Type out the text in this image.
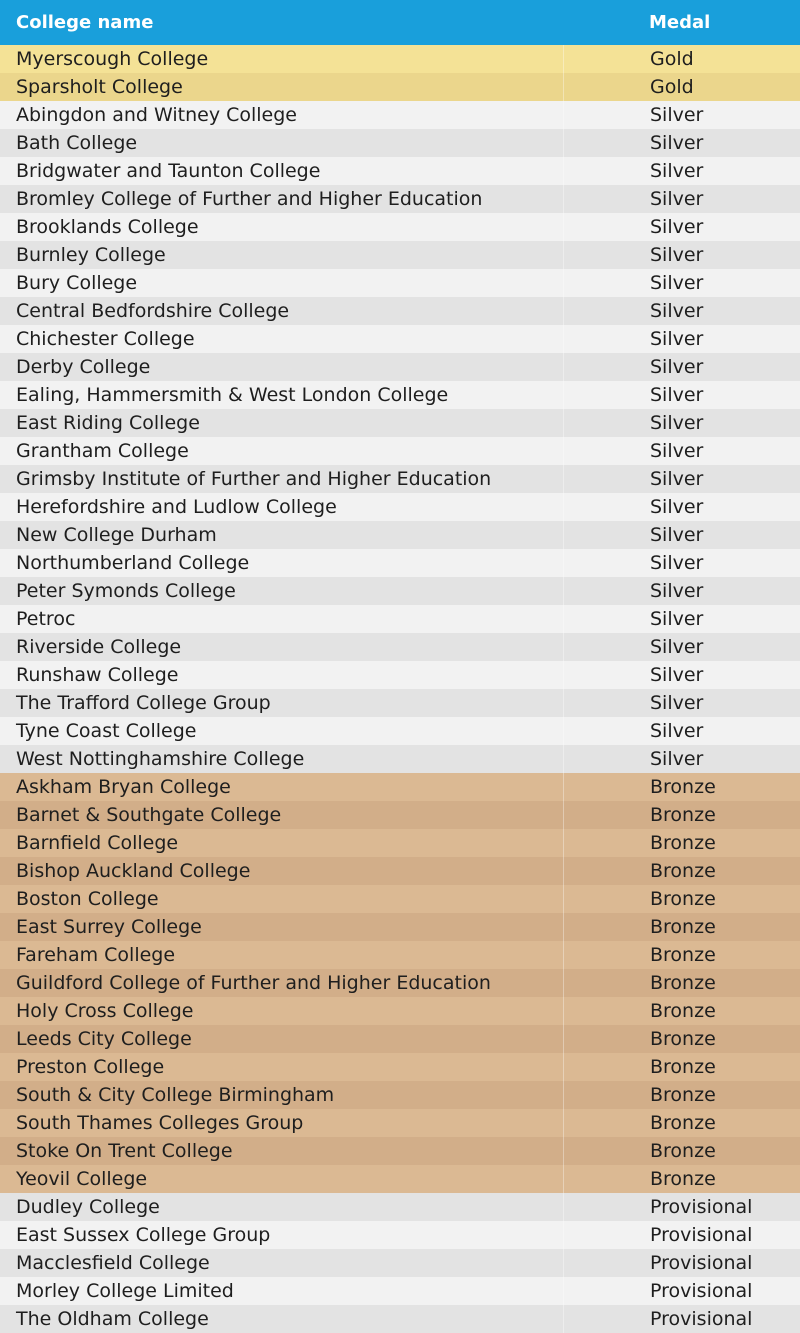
College name	Medal
Myerscough College	Gold
Sparsholt College	Gold
Abingdon and Witney College	Silver
Bath College	Silver
Bridgwater and Taunton College	Silver
Bromley College of Further and Higher Education	Silver
Brooklands College	Silver
Burnley College	Silver
Bury College	Silver
Central Bedfordshire College	Silver
Chichester College	Silver
Derby College	Silver
Ealing, Hammersmith & West London College	Silver
East Riding College	Silver
Grantham College	Silver
Grimsby Institute of Further and Higher Education	Silver
Herefordshire and Ludlow College	Silver
New College Durham	Silver
Northumberland College	Silver
Peter Symonds College	Silver
Petroc	Silver
Riverside College	Silver
Runshaw College	Silver
The Trafford College Group	Silver
Tyne Coast College	Silver
West Nottinghamshire College	Silver
Askham Bryan College	Bronze
Barnet & Southgate College	Bronze
Barnfield College	Bronze
Bishop Auckland College	Bronze
Boston College	Bronze
East Surrey College	Bronze
Fareham College	Bronze
Guildford College of Further and Higher Education	Bronze
Holy Cross College	Bronze
Leeds City College	Bronze
Preston College	Bronze
South & City College Birmingham	Bronze
South Thames Colleges Group	Bronze
Stoke On Trent College	Bronze
Yeovil College	Bronze
Dudley College	Provisional
East Sussex College Group	Provisional
Macclesfield College	Provisional
Morley College Limited	Provisional
The Oldham College	Provisional
